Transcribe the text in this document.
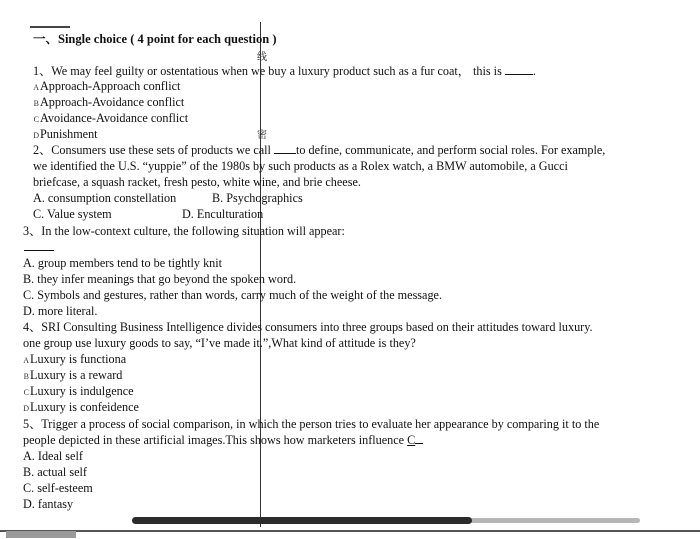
线
密
一、Single choice ( 4 point for each question )
1、We may feel guilty or ostentatious when we buy a luxury product such as a fur coat， this is	.
AApproach-Approach conflict
BApproach-Avoidance conflict
CAvoidance-Avoidance conflict
DPunishment
2、Consumers use these sets of products we call to define, communicate, and perform social roles. For example,
we identified the U.S. “yuppie” of the 1980s by such products as a Rolex watch, a BMW automobile, a Gucci
briefcase, a squash racket, fresh pesto, white wine, and brie cheese.
A. consumption constellation	B. Psychographics
C. Value system	D. Enculturation
3、In the low-context culture, the following situation will appear:
A. group members tend to be tightly knit
B. they infer meanings that go beyond the spoken word.
C. Symbols and gestures, rather than words, carry much of the weight of the message.
D. more literal.
4、SRI Consulting Business Intelligence divides consumers into three groups based on their attitudes toward luxury.
one group use luxury goods to say, “I’ve made it.”,What kind of attitude is they?
ALuxury is functiona
BLuxury is a reward
CLuxury is indulgence
DLuxury is confeidence
5、Trigger a process of social comparison, in which the person tries to evaluate her appearance by comparing it to the
people depicted in these artificial images.This shows how marketers influence C
A. Ideal self
B. actual self
C. self-esteem
D. fantasy
